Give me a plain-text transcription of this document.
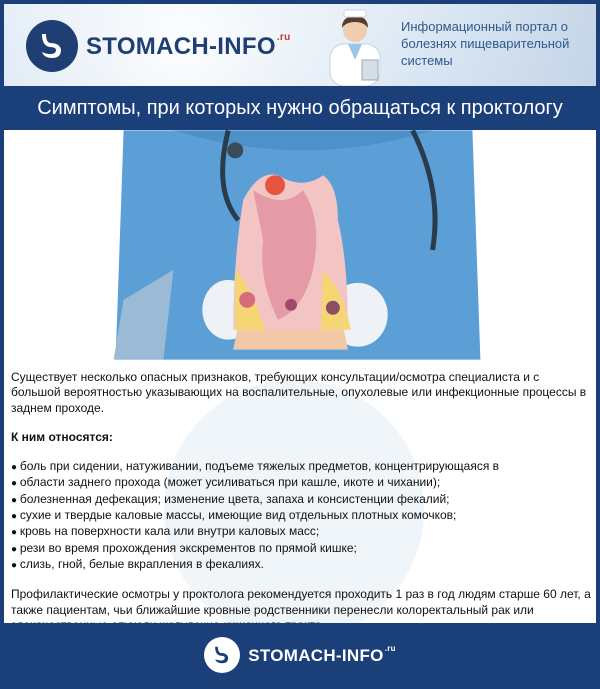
STOMACH-$INFO^{.ru}$
Информационный портал о болезнях пищеварительной системы
Симптомы, при которых нужно обращаться к проктологу

Существует несколько опасных признаков, требующих консультации/осмотра специалиста и с большой вероятностью указывающих на воспалительные, опухолевые или инфекционные процессы в заднем проходе.

К ним относятся:

● боль при сидении, натуживании, подъеме тяжелых предметов, концентрирующаяся в
● области заднего прохода (может усиливаться при кашле, икоте и чихании);
● болезненная дефекация; изменение цвета, запаха и консистенции фекалий;
● сухие и твердые каловые массы, имеющие вид отдельных плотных комочков;
● кровь на поверхности кала или внутри каловых масс;
● рези во время прохождения экскрементов по прямой кишке;
● слизь, гной, белые вкрапления в фекалиях.

Профилактические осмотры у проктолога рекомендуется проходить 1 раз в год людям старше 60 лет, а также пациентам, чьи ближайшие кровные родственники перенесли колоректальный рак или

STOMACH-$INFO^{.ru}$
